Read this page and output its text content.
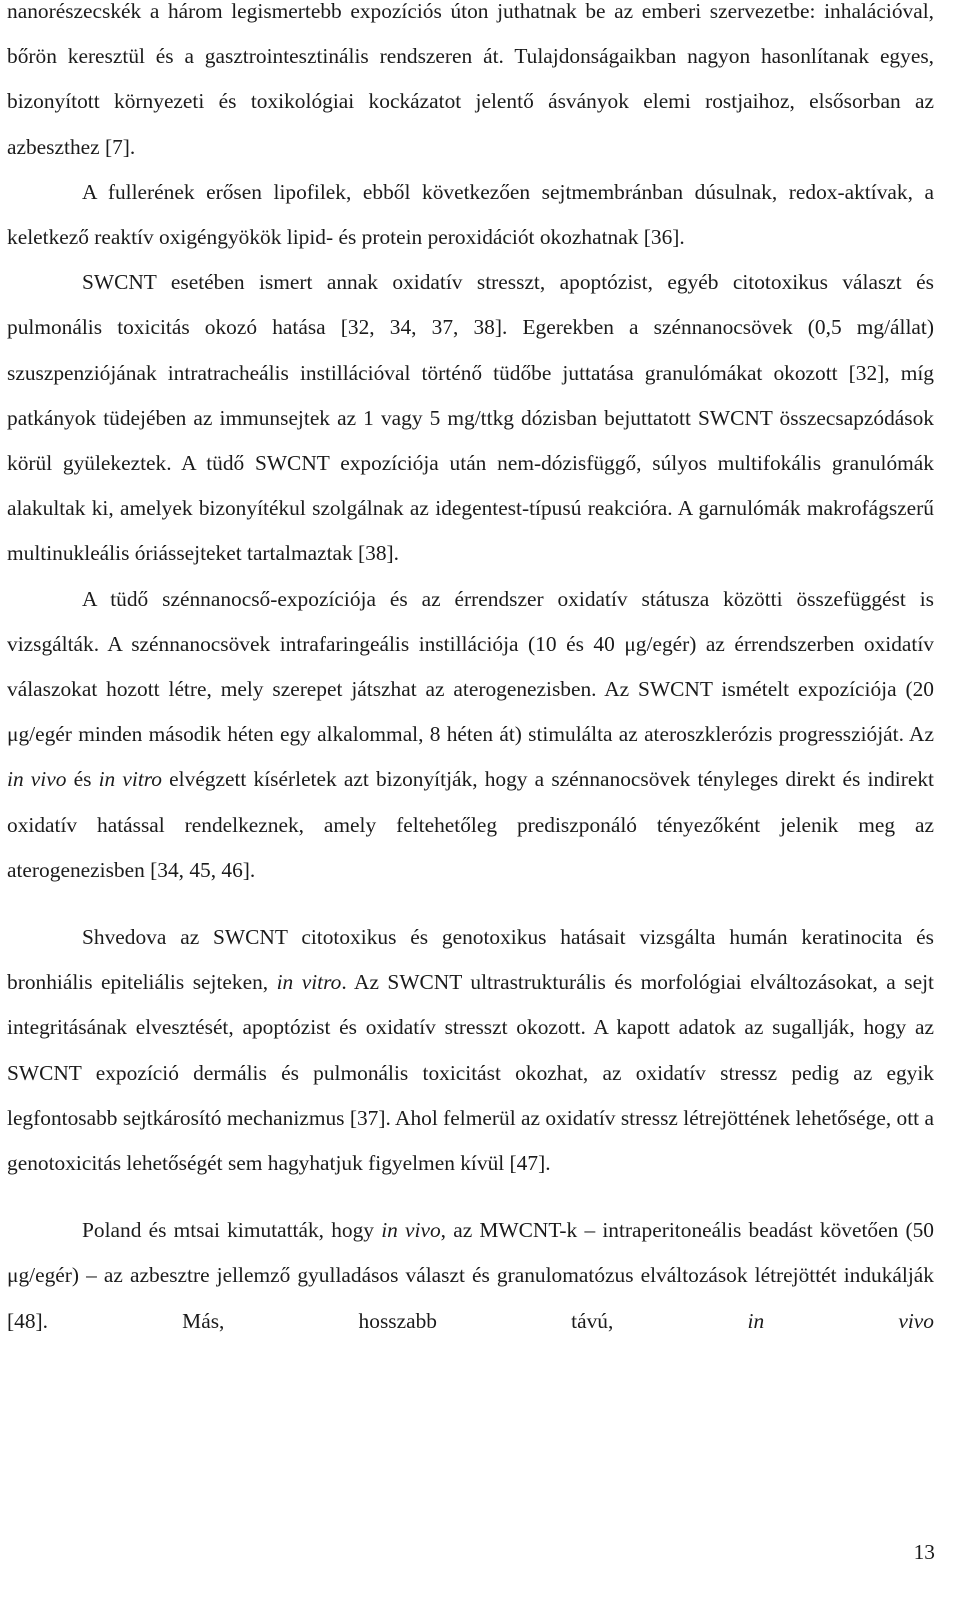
nanorészecskék a három legismertebb expozíciós úton juthatnak be az emberi szervezetbe: inhalációval, bőrön keresztül és a gasztrointesztinális rendszeren át. Tulajdonságaikban nagyon hasonlítanak egyes, bizonyított környezeti és toxikológiai kockázatot jelentő ásványok elemi rostjaihoz, elsősorban az azbeszthez [7].

A fullerének erősen lipofilek, ebből következően sejtmembránban dúsulnak, redox-aktívak, a keletkező reaktív oxigéngyökök lipid- és protein peroxidációt okozhatnak [36].

SWCNT esetében ismert annak oxidatív stresszt, apoptózist, egyéb citotoxikus választ és pulmonális toxicitás okozó hatása [32, 34, 37, 38]. Egerekben a szénnanocsövek (0,5 mg/állat) szuszpenziójának intratracheális instillációval történő tüdőbe juttatása granulómákat okozott [32], míg patkányok tüdejében az immunsejtek az 1 vagy 5 mg/ttkg dózisban bejuttatott SWCNT összecsapzódások körül gyülekeztek. A tüdő SWCNT expozíciója után nem-dózisfüggő, súlyos multifokális granulómák alakultak ki, amelyek bizonyítékul szolgálnak az idegentest-típusú reakcióra. A garnulómák makrofágszerű multinukleális óriássejteket tartalmaztak [38].

A tüdő szénnanocső-expozíciója és az érrendszer oxidatív státusza közötti összefüggést is vizsgálták. A szénnanocsövek intrafaringeális instillációja (10 és 40 μg/egér) az érrendszerben oxidatív válaszokat hozott létre, mely szerepet játszhat az aterogenezisben. Az SWCNT ismételt expozíciója (20 μg/egér minden második héten egy alkalommal, 8 héten át) stimulálta az ateroszklerózis progresszióját. Az in vivo és in vitro elvégzett kísérletek azt bizonyítják, hogy a szénnanocsövek tényleges direkt és indirekt oxidatív hatással rendelkeznek, amely feltehetőleg prediszponáló tényezőként jelenik meg az aterogenezisben [34, 45, 46].

Shvedova az SWCNT citotoxikus és genotoxikus hatásait vizsgálta humán keratinocita és bronhiális epiteliális sejteken, in vitro. Az SWCNT ultrastrukturális és morfológiai elváltozásokat, a sejt integritásának elvesztését, apoptózist és oxidatív stresszt okozott. A kapott adatok az sugallják, hogy az SWCNT expozíció dermális és pulmonális toxicitást okozhat, az oxidatív stressz pedig az egyik legfontosabb sejtkárosító mechanizmus [37]. Ahol felmerül az oxidatív stressz létrejöttének lehetősége, ott a genotoxicitás lehetőségét sem hagyhatjuk figyelmen kívül [47].

Poland és mtsai kimutatták, hogy in vivo, az MWCNT-k – intraperitoneális beadást követően (50 μg/egér) – az azbesztre jellemző gyulladásos választ és granulomatózus elváltozások létrejöttét indukálják [48]. Más, hosszabb távú, in vivo

13
